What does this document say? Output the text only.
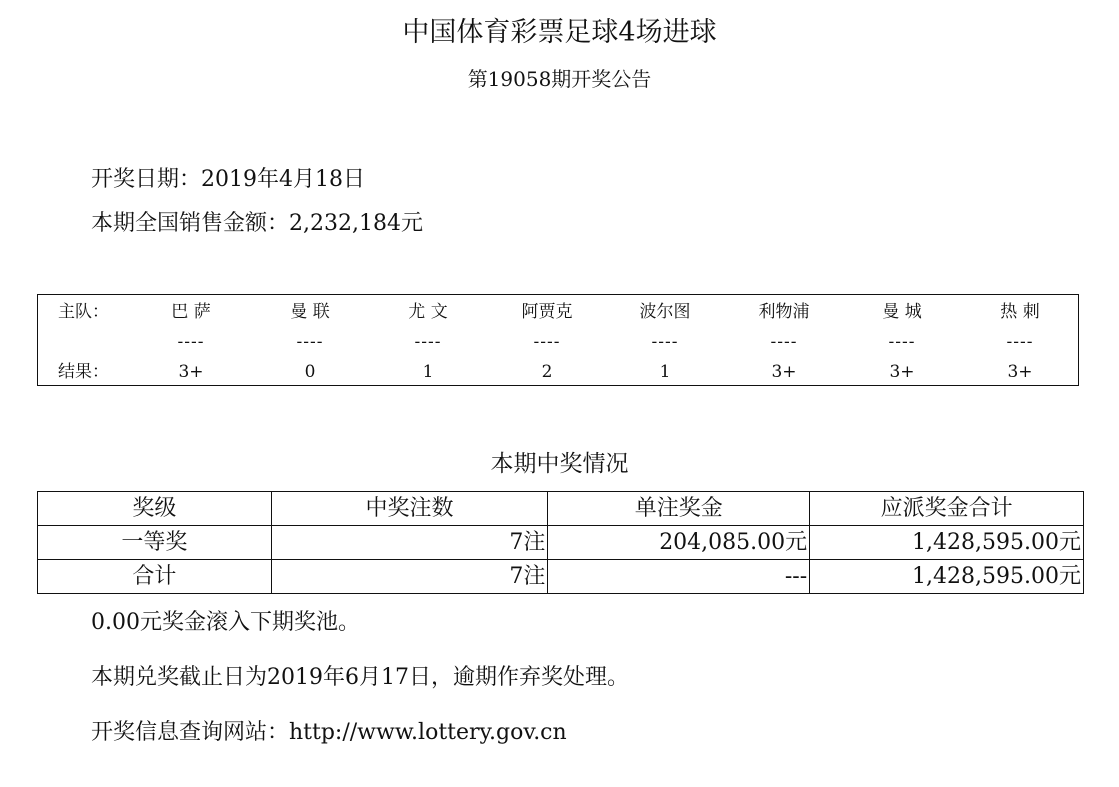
中国体育彩票足球4场进球
第19058期开奖公告
开奖日期：2019年4月18日
本期全国销售金额：2,232,184元
主队：	巴 萨	曼 联	尤 文	阿贾克	波尔图	利物浦	曼 城	热 刺
----	----	----	----	----	----	----	----
结果：	3+	0	1	2	1	3+	3+	3+
本期中奖情况
奖级	中奖注数	单注奖金	应派奖金合计
一等奖	7注	204,085.00元	1,428,595.00元
合计	7注	---	1,428,595.00元
0.00元奖金滚入下期奖池。
本期兑奖截止日为2019年6月17日，逾期作弃奖处理。
开奖信息查询网站：http://www.lottery.gov.cn
